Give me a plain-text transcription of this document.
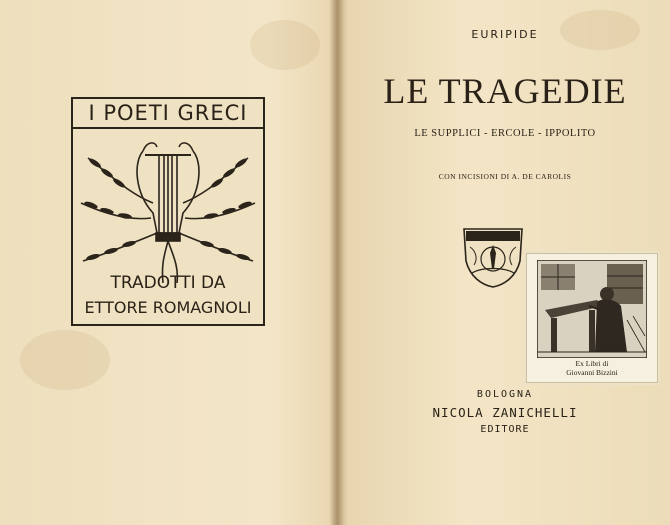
I POETI GRECI
TRADOTTI DA
ETTORE ROMAGNOLI
EURIPIDE
LE TRAGEDIE
LE SUPPLICI - ERCOLE - IPPOLITO
CON INCISIONI DI A. DE CAROLIS
Ex Libri di
Giovanni Bizzini
BOLOGNA
NICOLA ZANICHELLI
EDITORE
